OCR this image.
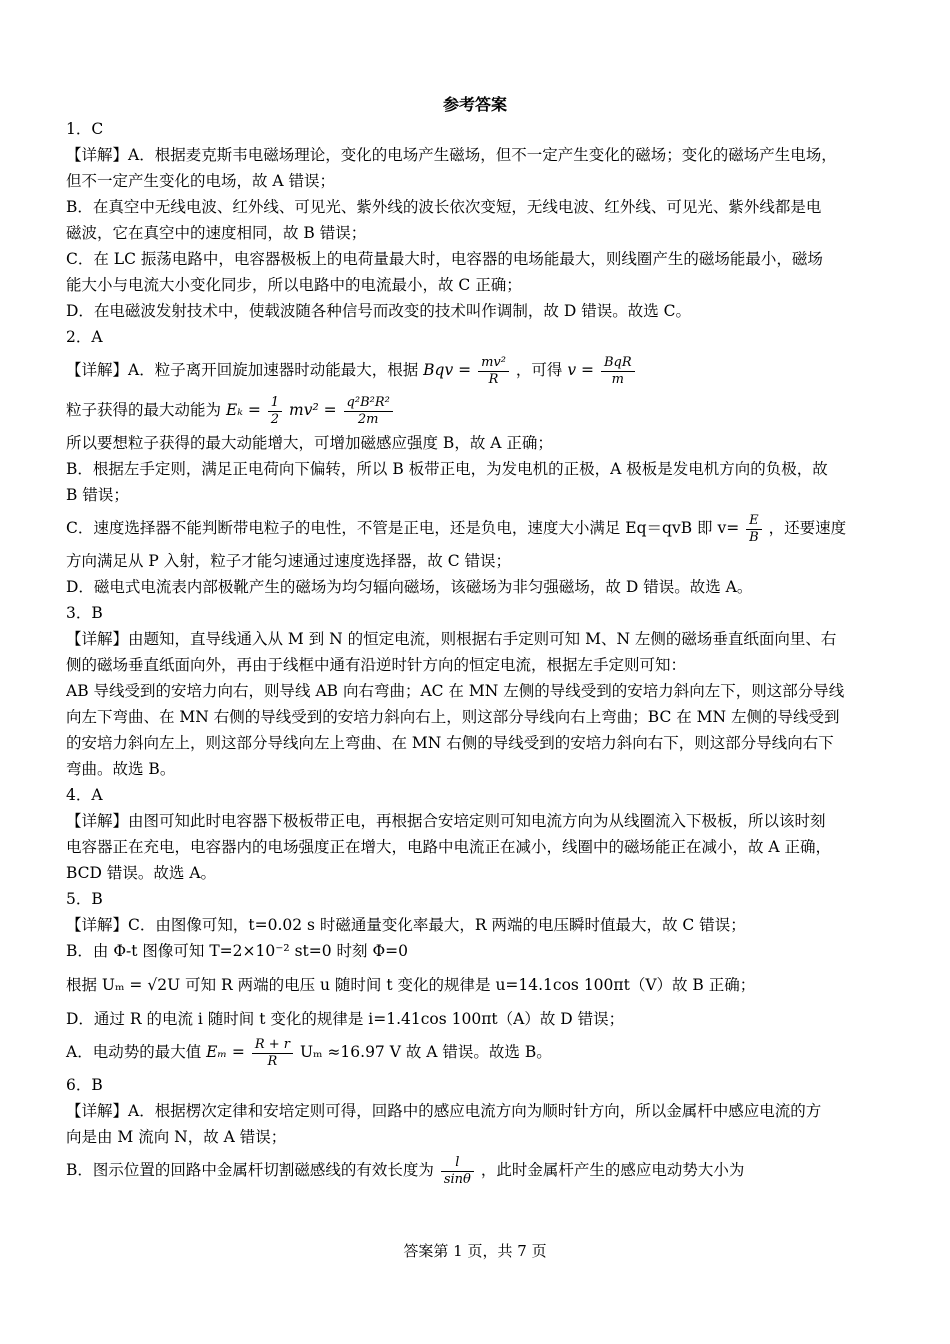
参考答案
1．C
【详解】A．根据麦克斯韦电磁场理论，变化的电场产生磁场，但不一定产生变化的磁场；变化的磁场产生电场，
但不一定产生变化的电场，故 A 错误；
B．在真空中无线电波、红外线、可见光、紫外线的波长依次变短，无线电波、红外线、可见光、紫外线都是电
磁波，它在真空中的速度相同，故 B 错误；
C．在 LC 振荡电路中，电容器极板上的电荷量最大时，电容器的电场能最大，则线圈产生的磁场能最小，磁场
能大小与电流大小变化同步，所以电路中的电流最小，故 C 正确；
D．在电磁波发射技术中，使载波随各种信号而改变的技术叫作调制，故 D 错误。故选 C。
2．A
【详解】A．粒子离开回旋加速器时动能最大，根据 Bqv = $\frac{\text{mv²}}{R}$ ，可得 $v = \frac{\text{BqR}}{m}$
粒子获得的最大动能为 $E_k = \frac{1}{2} mv^2 = \frac{\text{q²B²R²}}{2m}$
所以要想粒子获得的最大动能增大，可增加磁感应强度 B，故 A 正确；
B．根据左手定则，满足正电荷向下偏转，所以 B 板带正电，为发电机的正极，A 极板是发电机方向的负极，故
B 错误；
C．速度选择器不能判断带电粒子的电性，不管是正电，还是负电，速度大小满足 Eq＝qvB 即 $v= \frac{E}{B}$ ，还要速度
方向满足从 P 入射，粒子才能匀速通过速度选择器，故 C 错误；
D．磁电式电流表内部极靴产生的磁场为均匀辐向磁场，该磁场为非匀强磁场，故 D 错误。故选 A。
3．B
【详解】由题知，直导线通入从 M 到 N 的恒定电流，则根据右手定则可知 M、N 左侧的磁场垂直纸面向里、右
侧的磁场垂直纸面向外，再由于线框中通有沿逆时针方向的恒定电流，根据左手定则可知：
AB 导线受到的安培力向右，则导线 AB 向右弯曲；AC 在 MN 左侧的导线受到的安培力斜向左下，则这部分导线
向左下弯曲、在 MN 右侧的导线受到的安培力斜向右上，则这部分导线向右上弯曲；BC 在 MN 左侧的导线受到
的安培力斜向左上，则这部分导线向左上弯曲、在 MN 右侧的导线受到的安培力斜向右下，则这部分导线向右下
弯曲。故选 B。
4．A
【详解】由图可知此时电容器下极板带正电，再根据合安培定则可知电流方向为从线圈流入下极板，所以该时刻
电容器正在充电，电容器内的电场强度正在增大，电路中电流正在减小，线圈中的磁场能正在减小，故 A 正确，
BCD 错误。故选 A。
5．B
【详解】C．由图像可知，t=0.02 s 时磁通量变化率最大，R 两端的电压瞬时值最大，故 C 错误；
B．由 Φ-t 图像可知 T=2×10⁻² st=0 时刻 Φ=0
根据 Uₘ = √2U 可知 R 两端的电压 u 随时间 t 变化的规律是 u=14.1cos 100πt（V）故 B 正确；
D．通过 R 的电流 i 随时间 t 变化的规律是 i=1.41cos 100πt（A）故 D 错误；
A．电动势的最大值 $E_m = \frac{R + r}{R}$ Uₘ ≈16.97 V 故 A 错误。故选 B。
6．B
【详解】A．根据楞次定律和安培定则可得，回路中的感应电流方向为顺时针方向，所以金属杆中感应电流的方
向是由 M 流向 N，故 A 错误；
B．图示位置的回路中金属杆切割磁感线的有效长度为 $\frac{l}{\sin\theta}$ ，此时金属杆产生的感应电动势大小为
答案第 1 页，共 7 页
